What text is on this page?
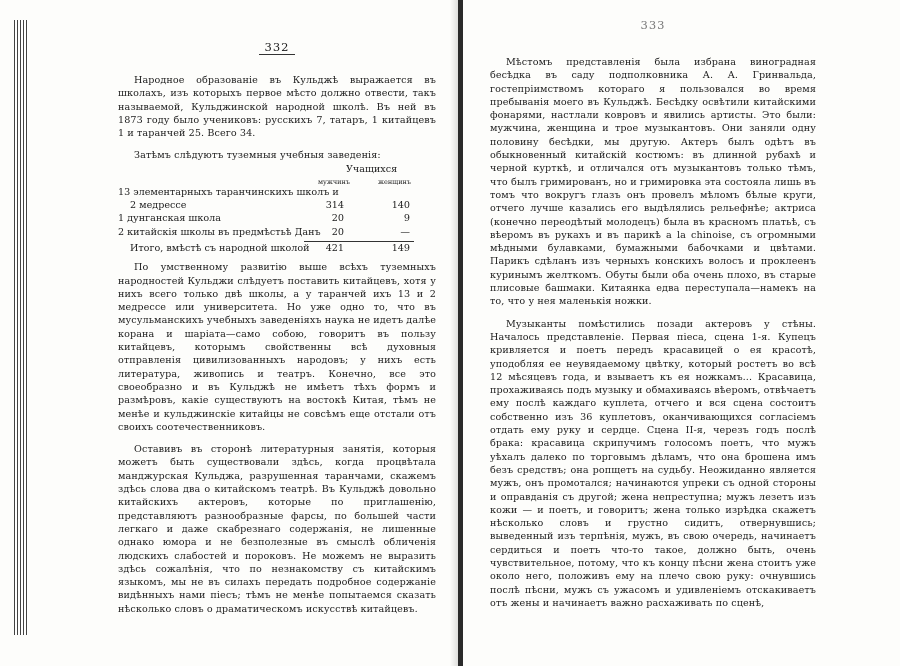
332

Народное образованіе въ Кульджѣ выражается въ школахъ, изъ которыхъ первое мѣсто должно отвести, такъ называемой, Кульджинской народной школѣ. Въ ней въ 1873 году было учениковъ: русскихъ 7, татаръ, 1 китайцевъ 1 и таранчей 25. Всего 34.

Затѣмъ слѣдуютъ туземныя учебныя заведенія:

Учащихся
мужчинъ	женщинъ
13 элементарныхъ таранчинскихъ школъ и
2 медрессе	314	140
1 дунганская школа	20	9
2 китайскія школы въ предмѣстьѣ Данъ	20	—
Итого, вмѣстѣ съ народной школой	421	149

По умственному развитію выше всѣхъ туземныхъ народностей Кульджи слѣдуетъ поставить китайцевъ, хотя у нихъ всего только двѣ школы, а у таранчей ихъ 13 и 2 медрессе или университета. Но уже одно то, что въ мусульманскихъ учебныхъ заведеніяхъ наука не идетъ далѣе корана и шаріата—само собою, говоритъ въ пользу китайцевъ, которымъ свойственны всѣ духовныя отправленія цивилизованныхъ народовъ; у нихъ есть литература, живопись и театръ. Конечно, все это своеобразно и въ Кульджѣ не имѣетъ тѣхъ формъ и размѣровъ, какіе существуютъ на востокѣ Китая, тѣмъ не менѣе и кульджинскіе китайцы не совсѣмъ еще отстали отъ своихъ соотечественниковъ.

Оставивъ въ сторонѣ литературныя занятія, которыя можетъ быть существовали здѣсь, когда процвѣтала манджурская Кульджа, разрушенная таранчами, скажемъ здѣсь слова два о китайскомъ театрѣ. Въ Кульджѣ довольно китайскихъ актеровъ, которые по приглашенію, представляютъ разнообразные фарсы, по большей части легкаго и даже скабрезнаго содержанія, не лишенные однако юмора и не безполезные въ смыслѣ обличенія людскихъ слабостей и пороковъ. Не можемъ не выразить здѣсь сожалѣнія, что по незнакомству съ китайскимъ языкомъ, мы не въ силахъ передать подробное содержаніе видѣнныхъ нами піесъ; тѣмъ не менѣе попытаемся сказать нѣсколько словъ о драматическомъ искусствѣ китайцевъ.

333

Мѣстомъ представленія была избрана виноградная бесѣдка въ саду подполковника А. А. Гринвальда, гостепріимствомъ котораго я пользовался во время пребыванія моего въ Кульджѣ. Бесѣдку освѣтили китайскими фонарями, настлали ковровъ и явились артисты. Это были: мужчина, женщина и трое музыкантовъ. Они заняли одну половину бесѣдки, мы другую. Актеръ былъ одѣтъ въ обыкновенный китайскій костюмъ: въ длинной рубахѣ и черной курткѣ, и отличался отъ музыкантовъ только тѣмъ, что былъ гримированъ, но и гримировка эта состояла лишь въ томъ что вокругъ глазъ онъ провелъ мѣломъ бѣлые круги, отчего лучше казались его выдѣлялись рельефнѣе; актриса (конечно переодѣтый молодецъ) была въ красномъ платьѣ, съ вѣеромъ въ рукахъ и въ парикѣ а la chinoise, съ огромными мѣдными булавками, бумажными бабочками и цвѣтами. Парикъ сдѣланъ изъ черныхъ конскихъ волосъ и проклеенъ куринымъ желткомъ. Обуты были оба очень плохо, въ старые плисовые башмаки. Китаянка едва переступала—намекъ на то, что у нея маленькія ножки.

Музыканты помѣстились позади актеровъ у стѣны. Началось представленіе. Первая піеса, сцена 1-я. Купецъ кривляется и поетъ передъ красавицей о ея красотѣ, уподобляя ее неувядаемому цвѣтку, который ростетъ во всѣ 12 мѣсяцевъ года, и взываетъ къ ея ножкамъ... Красавица, прохаживаясь подъ музыку и обмахиваясь вѣеромъ, отвѣчаетъ ему послѣ каждаго куплета, отчего и вся сцена состоитъ собственно изъ 36 куплетовъ, оканчивающихся согласіемъ отдать ему руку и сердце. Сцена II-я, черезъ годъ послѣ брака: красавица скрипучимъ голосомъ поетъ, что мужъ уѣхалъ далеко по торговымъ дѣламъ, что она брошена имъ безъ средствъ; она ропщетъ на судьбу. Неожиданно является мужъ, онъ промотался; начинаются упреки съ одной стороны и оправданія съ другой; жена непреступна; мужъ лезетъ изъ кожи — и поетъ, и говоритъ; жена только изрѣдка скажетъ нѣсколько словъ и грустно сидитъ, отвернувшись; выведенный изъ терпѣнія, мужъ, въ свою очередь, начинаетъ сердиться и поетъ что-то такое, должно быть, очень чувствительное, потому, что къ концу пѣсни жена стоитъ уже около него, положивъ ему на плечо свою руку: очнувшись послѣ пѣсни, мужъ съ ужасомъ и удивленіемъ отскакиваетъ отъ жены и начинаетъ важно расхаживать по сценѣ,
